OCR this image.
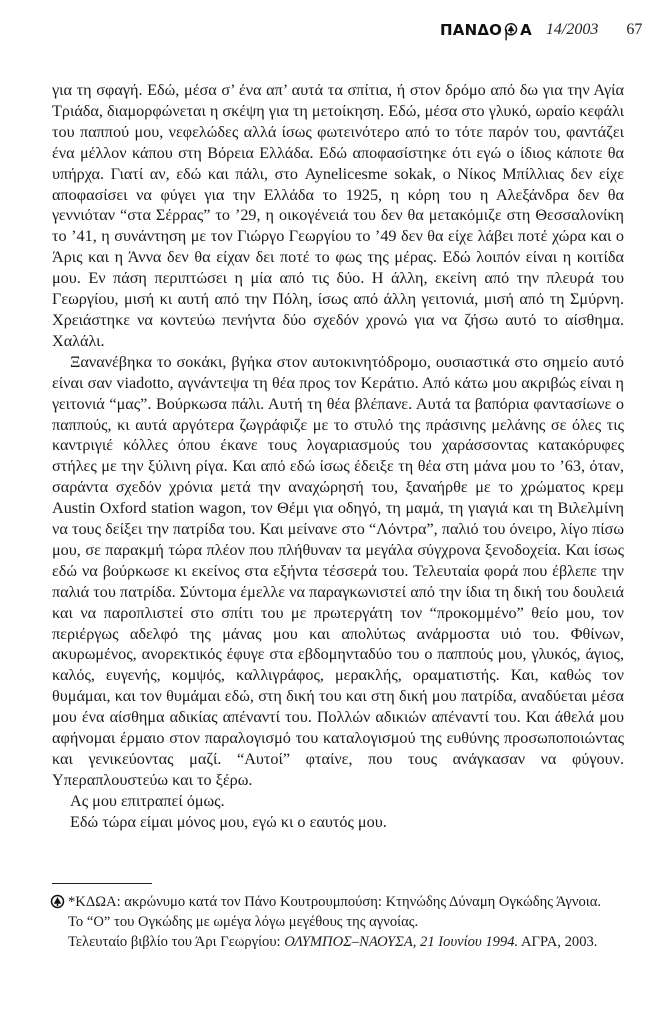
ΠΑΝΔΟ Α 14/2003 67

για τη σφαγή. Εδώ, μέσα σ’ ένα απ’ αυτά τα σπίτια, ή στον δρόμο από δω για την Αγία Τριάδα, διαμορφώνεται η σκέψη για τη μετοίκηση. Εδώ, μέσα στο γλυκό, ωραίο κεφάλι του παππού μου, νεφελώδες αλλά ίσως φωτεινότερο από το τότε παρόν του, φαντάζει ένα μέλλον κάπου στη Βόρεια Ελλάδα. Εδώ αποφασίστηκε ότι εγώ ο ίδιος κάποτε θα υπήρχα. Γιατί αν, εδώ και πάλι, στο Aynelicesme sokak, ο Νίκος Μπίλλιας δεν είχε αποφασίσει να φύγει για την Ελλάδα το 1925, η κόρη του η Αλεξάνδρα δεν θα γεννιόταν “στα Σέρρας” το ’29, η οικογένειά του δεν θα μετακόμιζε στη Θεσσαλονίκη το ’41, η συνάντηση με τον Γιώργο Γεωργίου το ’49 δεν θα είχε λάβει ποτέ χώρα και ο Άρις και η Άννα δεν θα είχαν δει ποτέ το φως της μέρας. Εδώ λοιπόν είναι η κοιτίδα μου. Εν πάση περιπτώσει η μία από τις δύο. Η άλλη, εκείνη από την πλευρά του Γεωργίου, μισή κι αυτή από την Πόλη, ίσως από άλλη γειτονιά, μισή από τη Σμύρνη. Χρειάστηκε να κοντεύω πενήντα δύο σχεδόν χρονώ για να ζήσω αυτό το αίσθημα. Χαλάλι.

Ξανανέβηκα το σοκάκι, βγήκα στον αυτοκινητόδρομο, ουσιαστικά στο σημείο αυτό είναι σαν viadotto, αγνάντεψα τη θέα προς τον Κεράτιο. Από κάτω μου ακριβώς είναι η γειτονιά “μας”. Βούρκωσα πάλι. Αυτή τη θέα βλέπανε. Αυτά τα βαπόρια φαντασίωνε ο παππούς, κι αυτά αργότερα ζωγράφιζε με το στυλό της πράσινης μελάνης σε όλες τις καντριγιέ κόλλες όπου έκανε τους λογαριασμούς του χαράσσοντας κατακόρυφες στήλες με την ξύλινη ρίγα. Και από εδώ ίσως έδειξε τη θέα στη μάνα μου το ’63, όταν, σαράντα σχεδόν χρόνια μετά την αναχώρησή του, ξαναήρθε με το χρώματος κρεμ Austin Oxford station wagon, τον Θέμι για οδηγό, τη μαμά, τη γιαγιά και τη Βιλελμίνη να τους δείξει την πατρίδα του. Και μείνανε στο “Λόντρα”, παλιό του όνειρο, λίγο πίσω μου, σε παρακμή τώρα πλέον που πλήθυναν τα μεγάλα σύγχρονα ξενοδοχεία. Και ίσως εδώ να βούρκωσε κι εκείνος στα εξήντα τέσσερά του. Τελευταία φορά που έβλεπε την παλιά του πατρίδα. Σύντομα έμελλε να παραγκωνιστεί από την ίδια τη δική του δουλειά και να παροπλιστεί στο σπίτι του με πρωτεργάτη τον “προκομμένο” θείο μου, τον περιέργως αδελφό της μάνας μου και απολύτως ανάρμοστα υιό του. Φθίνων, ακυρωμένος, ανορεκτικός έφυγε στα εβδομηνταδύο του ο παππούς μου, γλυκός, άγιος, καλός, ευγενής, κομψός, καλλιγράφος, μερακλής, οραματιστής. Και, καθώς τον θυμάμαι, και τον θυμάμαι εδώ, στη δική του και στη δική μου πατρίδα, αναδύεται μέσα μου ένα αίσθημα αδικίας απέναντί του. Πολλών αδικιών απέναντί του. Και άθελά μου αφήνομαι έρμαιο στον παραλογισμό του καταλογισμού της ευθύνης προσωποποιώντας και γενικεύοντας μαζί. “Αυτοί” φταίνε, που τους ανάγκασαν να φύγουν. Υπεραπλουστεύω και το ξέρω.

Ας μου επιτραπεί όμως.

Εδώ τώρα είμαι μόνος μου, εγώ κι ο εαυτός μου.

*ΚΔΩΑ: ακρώνυμο κατά τον Πάνο Κουτρουμπούση: Κτηνώδης Δύναμη Ογκώδης Άγνοια.

Το “Ο” του Ογκώδης με ωμέγα λόγω μεγέθους της αγνοίας.

Τελευταίο βιβλίο του Άρι Γεωργίου: ΟΛΥΜΠΟΣ–ΝΑΟΥΣΑ, 21 Ιουνίου 1994. ΑΓΡΑ, 2003.
